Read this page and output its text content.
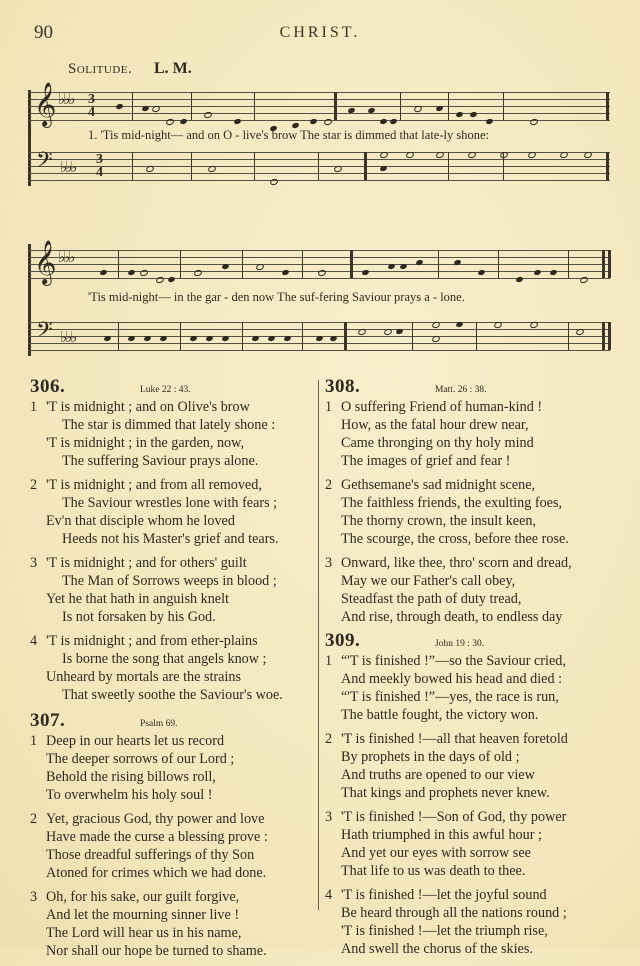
90	CHRIST.
Solitude. L. M.
𝄞 ♭♭♭ 3
4
1. 'Tis mid-night— and on O - live's brow The star is dimmed that late-ly shone:
𝄢 ♭♭♭ 3
4
𝄞 ♭♭♭
'Tis mid-night— in the gar - den now The suf-fering Saviour prays a - lone.
𝄢 ♭♭♭
306.	Luke 22 : 43.
1 'T is midnight ; and on Olive's brow
The star is dimmed that lately shone :
'T is midnight ; in the garden, now,
The suffering Saviour prays alone.
2 'T is midnight ; and from all removed,
The Saviour wrestles lone with fears ;
Ev'n that disciple whom he loved
Heeds not his Master's grief and tears.
3 'T is midnight ; and for others' guilt
The Man of Sorrows weeps in blood ;
Yet he that hath in anguish knelt
Is not forsaken by his God.
4 'T is midnight ; and from ether-plains
Is borne the song that angels know ;
Unheard by mortals are the strains
That sweetly soothe the Saviour's woe.
307.	Psalm 69.
1 Deep in our hearts let us record
The deeper sorrows of our Lord ;
Behold the rising billows roll,
To overwhelm his holy soul !
2 Yet, gracious God, thy power and love
Have made the curse a blessing prove :
Those dreadful sufferings of thy Son
Atoned for crimes which we had done.
3 Oh, for his sake, our guilt forgive,
And let the mourning sinner live !
The Lord will hear us in his name,
Nor shall our hope be turned to shame.
308.	Matt. 26 : 38.
1 O suffering Friend of human-kind !
How, as the fatal hour drew near,
Came thronging on thy holy mind
The images of grief and fear !
2 Gethsemane's sad midnight scene,
The faithless friends, the exulting foes,
The thorny crown, the insult keen,
The scourge, the cross, before thee rose.
3 Onward, like thee, thro' scorn and dread,
May we our Father's call obey,
Steadfast the path of duty tread,
And rise, through death, to endless day
309.	John 19 : 30.
1 “'T is finished !”—so the Saviour cried,
And meekly bowed his head and died :
“'T is finished !”—yes, the race is run,
The battle fought, the victory won.
2 'T is finished !—all that heaven foretold
By prophets in the days of old ;
And truths are opened to our view
That kings and prophets never knew.
3 'T is finished !—Son of God, thy power
Hath triumphed in this awful hour ;
And yet our eyes with sorrow see
That life to us was death to thee.
4 'T is finished !—let the joyful sound
Be heard through all the nations round ;
'T is finished !—let the triumph rise,
And swell the chorus of the skies.
